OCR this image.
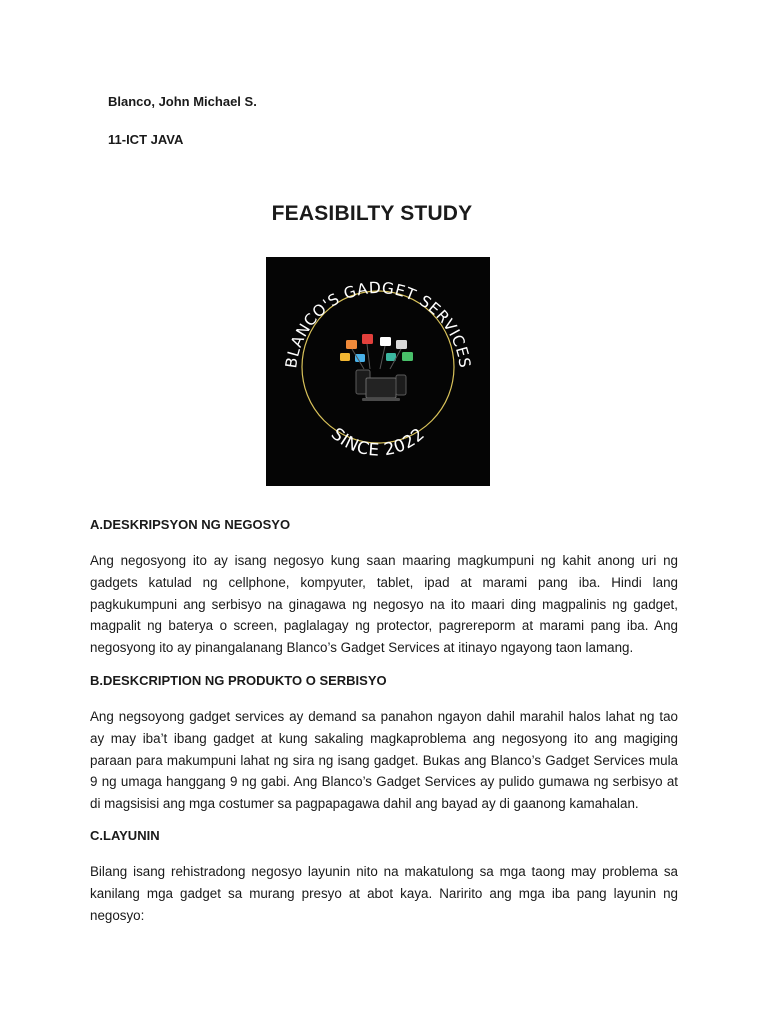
Blanco, John Michael S.
11-ICT JAVA
FEASIBILTY STUDY
BLANCO'S GADGET SERVICES
SINCE 2022
A.DESKRIPSYON NG NEGOSYO

Ang negosyong ito ay isang negosyo kung saan maaring magkumpuni ng kahit anong uri ng gadgets katulad ng cellphone, kompyuter, tablet, ipad at marami pang iba. Hindi lang pagkukumpuni ang serbisyo na ginagawa ng negosyo na ito maari ding magpalinis ng gadget, magpalit ng baterya o screen, paglalagay ng protector, pagrereporm at marami pang iba. Ang negosyong ito ay pinangalanang Blanco’s Gadget Services at itinayo ngayong taon lamang.

B.DESKCRIPTION NG PRODUKTO O SERBISYO

Ang negsoyong gadget services ay demand sa panahon ngayon dahil marahil halos lahat ng tao ay may iba’t ibang gadget at kung sakaling magkaproblema ang negosyong ito ang magiging paraan para makumpuni lahat ng sira ng isang gadget. Bukas ang Blanco’s Gadget Services mula 9 ng umaga hanggang 9 ng gabi. Ang Blanco’s Gadget Services ay pulido gumawa ng serbisyo at di magsisisi ang mga costumer sa pagpapagawa dahil ang bayad ay di gaanong kamahalan.

C.LAYUNIN

Bilang isang rehistradong negosyo layunin nito na makatulong sa mga taong may problema sa kanilang mga gadget sa murang presyo at abot kaya. Naririto ang mga iba pang layunin ng negosyo:
